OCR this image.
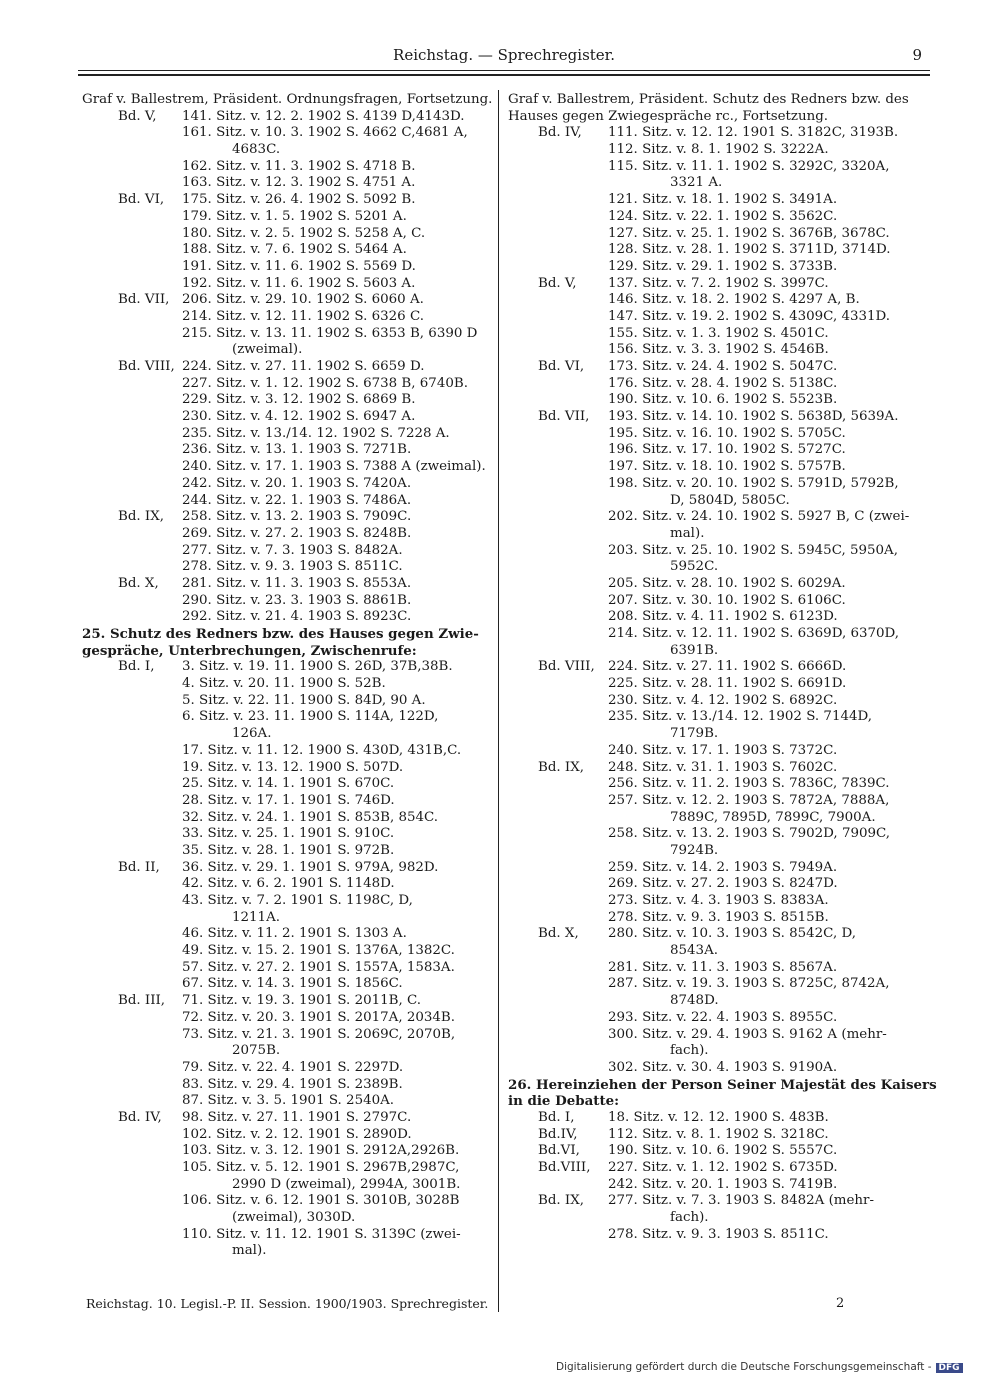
Reichstag. — Sprechregister.	9
Graf v. Ballestrem, Präsident. Ordnungsfragen, Fortsetzung.
Bd. V, 141. Sitz. v. 12. 2. 1902 S. 4139 D,4143D.
161. Sitz. v. 10. 3. 1902 S. 4662 C,4681 A,
4683C.
162. Sitz. v. 11. 3. 1902 S. 4718 B.
163. Sitz. v. 12. 3. 1902 S. 4751 A.
Bd. VI, 175. Sitz. v. 26. 4. 1902 S. 5092 B.
179. Sitz. v. 1. 5. 1902 S. 5201 A.
180. Sitz. v. 2. 5. 1902 S. 5258 A, C.
188. Sitz. v. 7. 6. 1902 S. 5464 A.
191. Sitz. v. 11. 6. 1902 S. 5569 D.
192. Sitz. v. 11. 6. 1902 S. 5603 A.
Bd. VII, 206. Sitz. v. 29. 10. 1902 S. 6060 A.
214. Sitz. v. 12. 11. 1902 S. 6326 C.
215. Sitz. v. 13. 11. 1902 S. 6353 B, 6390 D
(zweimal).
Bd. VIII, 224. Sitz. v. 27. 11. 1902 S. 6659 D.
227. Sitz. v. 1. 12. 1902 S. 6738 B, 6740B.
229. Sitz. v. 3. 12. 1902 S. 6869 B.
230. Sitz. v. 4. 12. 1902 S. 6947 A.
235. Sitz. v. 13./14. 12. 1902 S. 7228 A.
236. Sitz. v. 13. 1. 1903 S. 7271B.
240. Sitz. v. 17. 1. 1903 S. 7388 A (zweimal).
242. Sitz. v. 20. 1. 1903 S. 7420A.
244. Sitz. v. 22. 1. 1903 S. 7486A.
Bd. IX, 258. Sitz. v. 13. 2. 1903 S. 7909C.
269. Sitz. v. 27. 2. 1903 S. 8248B.
277. Sitz. v. 7. 3. 1903 S. 8482A.
278. Sitz. v. 9. 3. 1903 S. 8511C.
Bd. X, 281. Sitz. v. 11. 3. 1903 S. 8553A.
290. Sitz. v. 23. 3. 1903 S. 8861B.
292. Sitz. v. 21. 4. 1903 S. 8923C.
25. Schutz des Redners bzw. des Hauses gegen Zwie-
gespräche, Unterbrechungen, Zwischenrufe:
Bd. I, 3. Sitz. v. 19. 11. 1900 S. 26D, 37B,38B.
4. Sitz. v. 20. 11. 1900 S. 52B.
5. Sitz. v. 22. 11. 1900 S. 84D, 90 A.
6. Sitz. v. 23. 11. 1900 S. 114A, 122D,
126A.
17. Sitz. v. 11. 12. 1900 S. 430D, 431B,C.
19. Sitz. v. 13. 12. 1900 S. 507D.
25. Sitz. v. 14. 1. 1901 S. 670C.
28. Sitz. v. 17. 1. 1901 S. 746D.
32. Sitz. v. 24. 1. 1901 S. 853B, 854C.
33. Sitz. v. 25. 1. 1901 S. 910C.
35. Sitz. v. 28. 1. 1901 S. 972B.
Bd. II, 36. Sitz. v. 29. 1. 1901 S. 979A, 982D.
42. Sitz. v. 6. 2. 1901 S. 1148D.
43. Sitz. v. 7. 2. 1901 S. 1198C, D,
1211A.
46. Sitz. v. 11. 2. 1901 S. 1303 A.
49. Sitz. v. 15. 2. 1901 S. 1376A, 1382C.
57. Sitz. v. 27. 2. 1901 S. 1557A, 1583A.
67. Sitz. v. 14. 3. 1901 S. 1856C.
Bd. III, 71. Sitz. v. 19. 3. 1901 S. 2011B, C.
72. Sitz. v. 20. 3. 1901 S. 2017A, 2034B.
73. Sitz. v. 21. 3. 1901 S. 2069C, 2070B,
2075B.
79. Sitz. v. 22. 4. 1901 S. 2297D.
83. Sitz. v. 29. 4. 1901 S. 2389B.
87. Sitz. v. 3. 5. 1901 S. 2540A.
Bd. IV, 98. Sitz. v. 27. 11. 1901 S. 2797C.
102. Sitz. v. 2. 12. 1901 S. 2890D.
103. Sitz. v. 3. 12. 1901 S. 2912A,2926B.
105. Sitz. v. 5. 12. 1901 S. 2967B,2987C,
2990 D (zweimal), 2994A, 3001B.
106. Sitz. v. 6. 12. 1901 S. 3010B, 3028B
(zweimal), 3030D.
110. Sitz. v. 11. 12. 1901 S. 3139C (zwei-
mal).
Graf v. Ballestrem, Präsident. Schutz des Redners bzw. des
Hauses gegen Zwiegespräche rc., Fortsetzung.
Bd. IV, 111. Sitz. v. 12. 12. 1901 S. 3182C, 3193B.
112. Sitz. v. 8. 1. 1902 S. 3222A.
115. Sitz. v. 11. 1. 1902 S. 3292C, 3320A,
3321 A.
121. Sitz. v. 18. 1. 1902 S. 3491A.
124. Sitz. v. 22. 1. 1902 S. 3562C.
127. Sitz. v. 25. 1. 1902 S. 3676B, 3678C.
128. Sitz. v. 28. 1. 1902 S. 3711D, 3714D.
129. Sitz. v. 29. 1. 1902 S. 3733B.
Bd. V, 137. Sitz. v. 7. 2. 1902 S. 3997C.
146. Sitz. v. 18. 2. 1902 S. 4297 A, B.
147. Sitz. v. 19. 2. 1902 S. 4309C, 4331D.
155. Sitz. v. 1. 3. 1902 S. 4501C.
156. Sitz. v. 3. 3. 1902 S. 4546B.
Bd. VI, 173. Sitz. v. 24. 4. 1902 S. 5047C.
176. Sitz. v. 28. 4. 1902 S. 5138C.
190. Sitz. v. 10. 6. 1902 S. 5523B.
Bd. VII, 193. Sitz. v. 14. 10. 1902 S. 5638D, 5639A.
195. Sitz. v. 16. 10. 1902 S. 5705C.
196. Sitz. v. 17. 10. 1902 S. 5727C.
197. Sitz. v. 18. 10. 1902 S. 5757B.
198. Sitz. v. 20. 10. 1902 S. 5791D, 5792B,
D, 5804D, 5805C.
202. Sitz. v. 24. 10. 1902 S. 5927 B, C (zwei-
mal).
203. Sitz. v. 25. 10. 1902 S. 5945C, 5950A,
5952C.
205. Sitz. v. 28. 10. 1902 S. 6029A.
207. Sitz. v. 30. 10. 1902 S. 6106C.
208. Sitz. v. 4. 11. 1902 S. 6123D.
214. Sitz. v. 12. 11. 1902 S. 6369D, 6370D,
6391B.
Bd. VIII, 224. Sitz. v. 27. 11. 1902 S. 6666D.
225. Sitz. v. 28. 11. 1902 S. 6691D.
230. Sitz. v. 4. 12. 1902 S. 6892C.
235. Sitz. v. 13./14. 12. 1902 S. 7144D,
7179B.
240. Sitz. v. 17. 1. 1903 S. 7372C.
Bd. IX, 248. Sitz. v. 31. 1. 1903 S. 7602C.
256. Sitz. v. 11. 2. 1903 S. 7836C, 7839C.
257. Sitz. v. 12. 2. 1903 S. 7872A, 7888A,
7889C, 7895D, 7899C, 7900A.
258. Sitz. v. 13. 2. 1903 S. 7902D, 7909C,
7924B.
259. Sitz. v. 14. 2. 1903 S. 7949A.
269. Sitz. v. 27. 2. 1903 S. 8247D.
273. Sitz. v. 4. 3. 1903 S. 8383A.
278. Sitz. v. 9. 3. 1903 S. 8515B.
Bd. X, 280. Sitz. v. 10. 3. 1903 S. 8542C, D,
8543A.
281. Sitz. v. 11. 3. 1903 S. 8567A.
287. Sitz. v. 19. 3. 1903 S. 8725C, 8742A,
8748D.
293. Sitz. v. 22. 4. 1903 S. 8955C.
300. Sitz. v. 29. 4. 1903 S. 9162 A (mehr-
fach).
302. Sitz. v. 30. 4. 1903 S. 9190A.
26. Hereinziehen der Person Seiner Majestät des Kaisers
in die Debatte:
Bd. I,	18. Sitz. v. 12. 12. 1900 S. 483B.
Bd.IV, 112. Sitz. v. 8. 1. 1902 S. 3218C.
Bd.VI, 190. Sitz. v. 10. 6. 1902 S. 5557C.
Bd.VIII, 227. Sitz. v. 1. 12. 1902 S. 6735D.
242. Sitz. v. 20. 1. 1903 S. 7419B.
Bd. IX, 277. Sitz. v. 7. 3. 1903 S. 8482A (mehr-
fach).
278. Sitz. v. 9. 3. 1903 S. 8511C.
Reichstag. 10. Legisl.-P. II. Session. 1900/1903. Sprechregister.	2
Digitalisierung gefördert durch die Deutsche Forschungsgemeinschaft - DFG
